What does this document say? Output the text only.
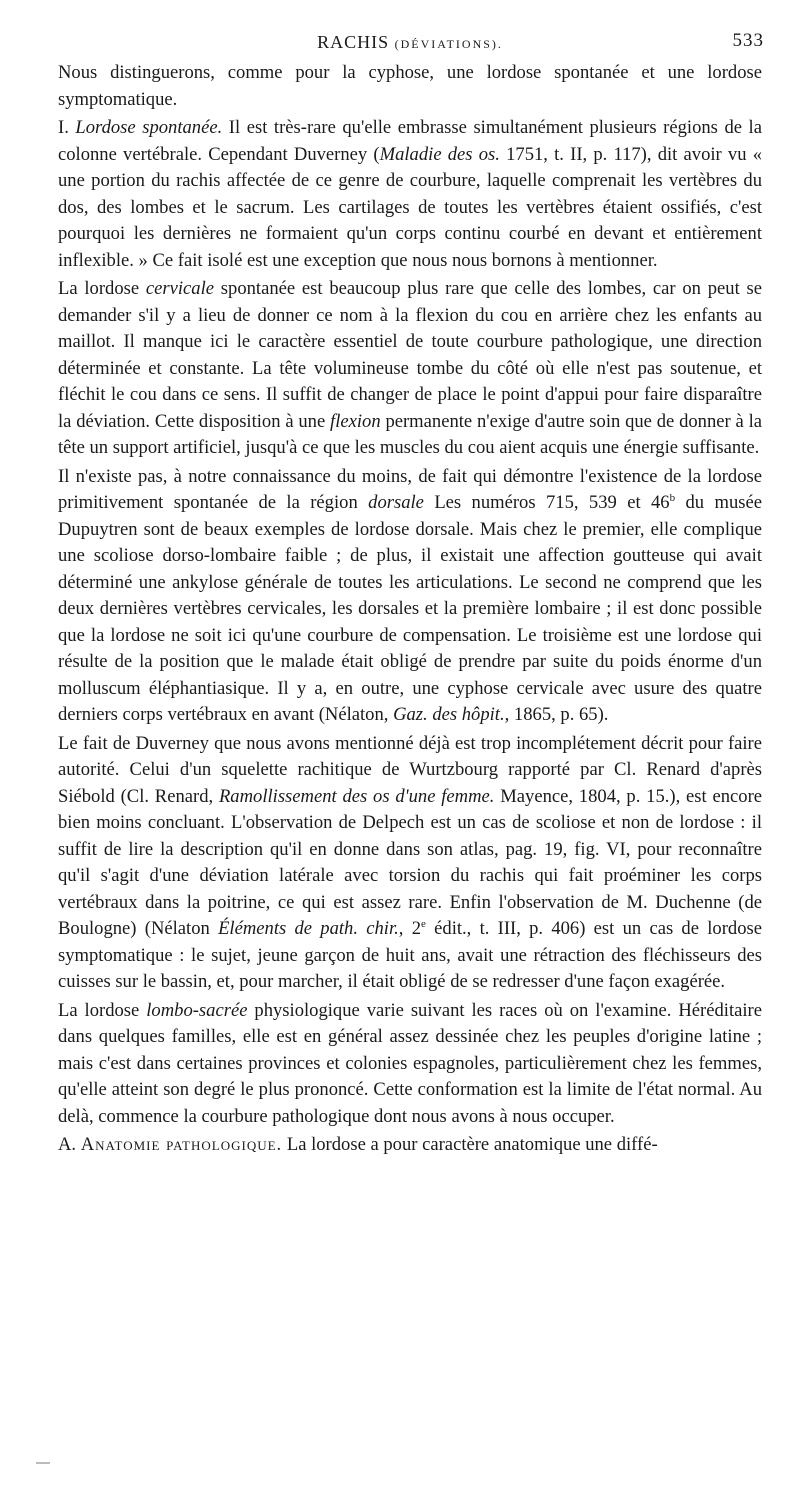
RACHIS (DÉVIATIONS).	533

Nous distinguerons, comme pour la cyphose, une lordose spontanée et une lordose symptomatique.

I. Lordose spontanée. Il est très-rare qu'elle embrasse simultanément plusieurs régions de la colonne vertébrale. Cependant Duverney (Maladie des os. 1751, t. II, p. 117), dit avoir vu « une portion du rachis affectée de ce genre de courbure, laquelle comprenait les vertèbres du dos, des lombes et le sacrum. Les cartilages de toutes les vertèbres étaient ossifiés, c'est pourquoi les dernières ne formaient qu'un corps continu courbé en devant et entièrement inflexible. » Ce fait isolé est une exception que nous nous bornons à mentionner.

La lordose cervicale spontanée est beaucoup plus rare que celle des lombes, car on peut se demander s'il y a lieu de donner ce nom à la flexion du cou en arrière chez les enfants au maillot. Il manque ici le caractère essentiel de toute courbure pathologique, une direction déterminée et constante. La tête volumineuse tombe du côté où elle n'est pas soutenue, et fléchit le cou dans ce sens. Il suffit de changer de place le point d'appui pour faire disparaître la déviation. Cette disposition à une flexion permanente n'exige d'autre soin que de donner à la tête un support artificiel, jusqu'à ce que les muscles du cou aient acquis une énergie suffisante.

Il n'existe pas, à notre connaissance du moins, de fait qui démontre l'existence de la lordose primitivement spontanée de la région dorsale Les numéros 715, 539 et 46$^b$ du musée Dupuytren sont de beaux exemples de lordose dorsale. Mais chez le premier, elle complique une scoliose dorso-lombaire faible ; de plus, il existait une affection goutteuse qui avait déterminé une ankylose générale de toutes les articulations. Le second ne comprend que les deux dernières vertèbres cervicales, les dorsales et la première lombaire ; il est donc possible que la lordose ne soit ici qu'une courbure de compensation. Le troisième est une lordose qui résulte de la position que le malade était obligé de prendre par suite du poids énorme d'un molluscum éléphantiasique. Il y a, en outre, une cyphose cervicale avec usure des quatre derniers corps vertébraux en avant (Nélaton, Gaz. des hôpit., 1865, p. 65).

Le fait de Duverney que nous avons mentionné déjà est trop incomplétement décrit pour faire autorité. Celui d'un squelette rachitique de Wurtzbourg rapporté par Cl. Renard d'après Siébold (Cl. Renard, Ramollissement des os d'une femme. Mayence, 1804, p. 15.), est encore bien moins concluant. L'observation de Delpech est un cas de scoliose et non de lordose : il suffit de lire la description qu'il en donne dans son atlas, pag. 19, fig. VI, pour reconnaître qu'il s'agit d'une déviation latérale avec torsion du rachis qui fait proéminer les corps vertébraux dans la poitrine, ce qui est assez rare. Enfin l'observation de M. Duchenne (de Boulogne) (Nélaton Éléments de path. chir., 2e édit., t. III, p. 406) est un cas de lordose symptomatique : le sujet, jeune garçon de huit ans, avait une rétraction des fléchisseurs des cuisses sur le bassin, et, pour marcher, il était obligé de se redresser d'une façon exagérée.

La lordose lombo-sacrée physiologique varie suivant les races où on l'examine. Héréditaire dans quelques familles, elle est en général assez dessinée chez les peuples d'origine latine ; mais c'est dans certaines provinces et colonies espagnoles, particulièrement chez les femmes, qu'elle atteint son degré le plus prononcé. Cette conformation est la limite de l'état normal. Au delà, commence la courbure pathologique dont nous avons à nous occuper.

A. Anatomie pathologique. La lordose a pour caractère anatomique une diffé-
